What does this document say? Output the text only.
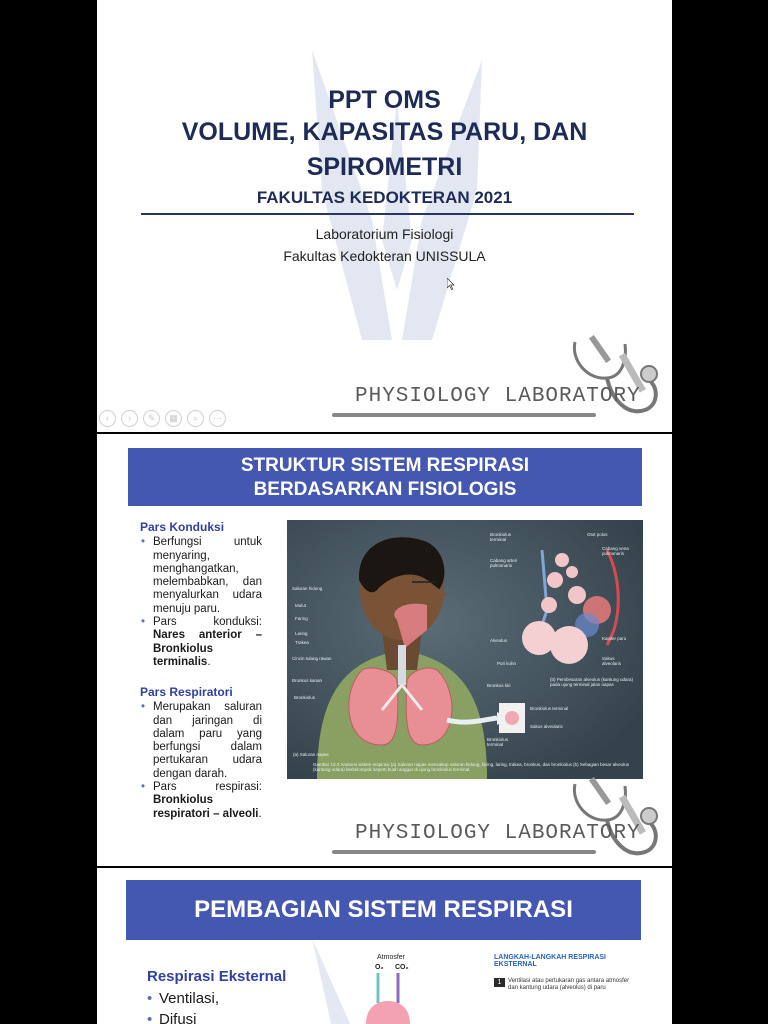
PPT OMS
VOLUME, KAPASITAS PARU, DAN
SPIROMETRI
FAKULTAS KEDOKTERAN 2021
Laboratorium Fisiologi
Fakultas Kedokteran UNISSULA
PHYSIOLOGY LABORATORY
‹	›	✎	▦	⌕	⋯
STRUKTUR SISTEM RESPIRASI
BERDASARKAN FISIOLOGIS
Pars Konduksi
• Berfungsi untuk menyaring, menghangatkan, melembabkan, dan menyalurkan udara menuju paru.
• Pars konduksi: Nares anterior – Bronkiolus terminalis.
Pars Respiratori
• Merupakan saluran dan jaringan di dalam paru yang berfungsi dalam pertukaran udara dengan darah.
• Pars respirasi: Bronkiolus respiratori – alveoli.
Saluran hidung
Mulut
Faring
Laring
Trakea
Cincin tulang rawan
Bronkus kanan
Bronkiolus
Bronkiolus terminal
Otot polos
Cabang arteri pulmonaris
Cabang vena pulmonaris
Alveolus	Kapiler paru
Pori kohn
Sakus alveolaris
Bronkus kiri
(b) Pembesaran alveolus (kantung udara) pada ujung terminal jalan napas
Bronkiolus terminal
Sakus alveolaris
Bronkiolus terminal
(a) Saluran napas
Gambar 13-2 Anatomi sistem respirasi (a) Saluran napas mencakup saluran hidung, faring, laring, trakea, bronkus, dan bronkiolus (b) Sebagian besar alveolus (kantung udara) berkelompok seperti buah anggur di ujung bronkiolus terminal.
PHYSIOLOGY LABORATORY
PEMBAGIAN SISTEM RESPIRASI
Respirasi Eksternal
• Ventilasi,
• Difusi
Atmosfer
O₂ CO₂
LANGKAH-LANGKAH RESPIRASI EKSTERNAL
1	Ventilasi atau pertukaran gas antara atmosfer dan kantung udara (alveolus) di paru
